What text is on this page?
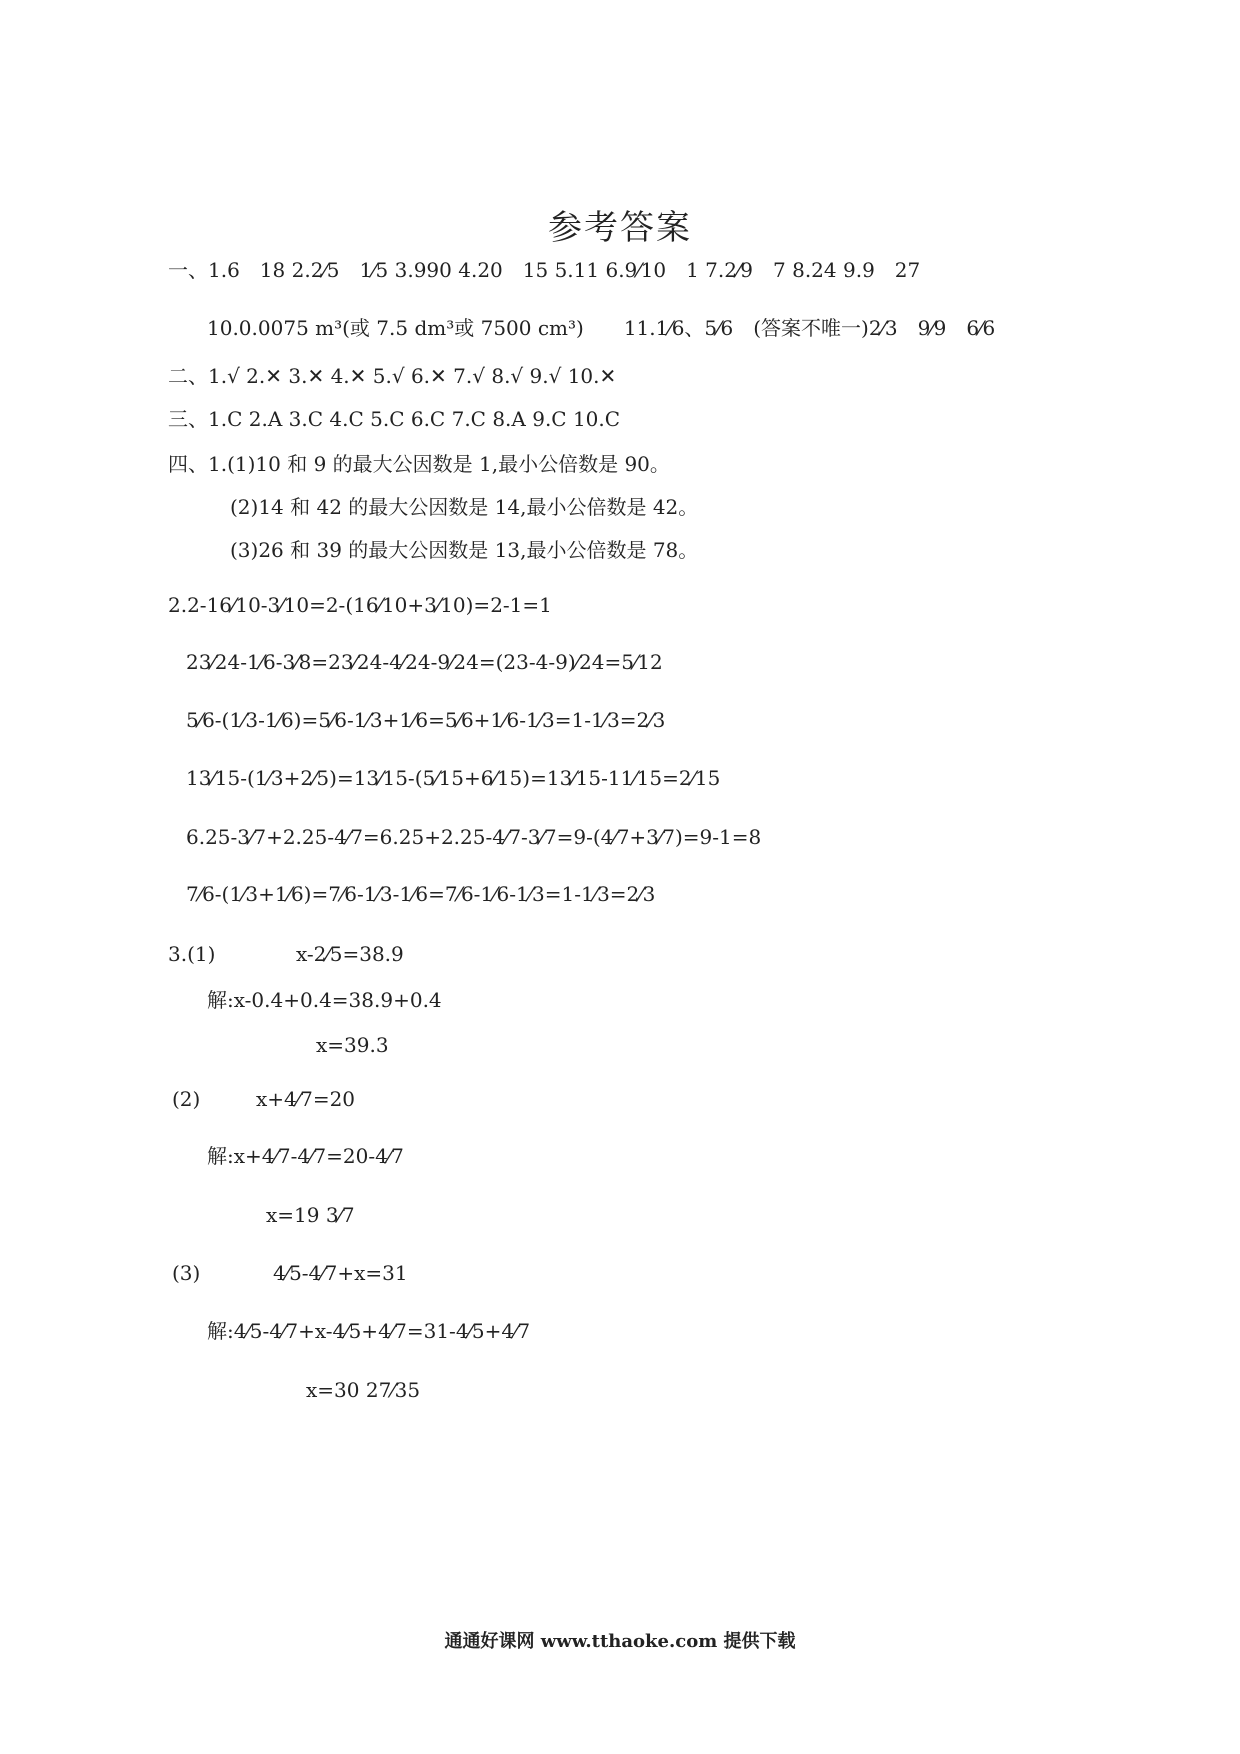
参考答案
一、1.6　18 2.2⁄5　1⁄5 3.990 4.20　15 5.11 6.9⁄10　1 7.2⁄9　7 8.24 9.9　27
10.0.0075 m³(或 7.5 dm³或 7500 cm³)　　11.1⁄6、5⁄6　(答案不唯一)2⁄3　9⁄9　6⁄6
二、1.√ 2.✕ 3.✕ 4.✕ 5.√ 6.✕ 7.√ 8.√ 9.√ 10.✕
三、1.C 2.A 3.C 4.C 5.C 6.C 7.C 8.A 9.C 10.C
四、1.(1)10 和 9 的最大公因数是 1,最小公倍数是 90。
(2)14 和 42 的最大公因数是 14,最小公倍数是 42。
(3)26 和 39 的最大公因数是 13,最小公倍数是 78。
2.2-16⁄10-3⁄10=2-(16⁄10+3⁄10)=2-1=1
23⁄24-1⁄6-3⁄8=23⁄24-4⁄24-9⁄24=(23-4-9)⁄24=5⁄12
5⁄6-(1⁄3-1⁄6)=5⁄6-1⁄3+1⁄6=5⁄6+1⁄6-1⁄3=1-1⁄3=2⁄3
13⁄15-(1⁄3+2⁄5)=13⁄15-(5⁄15+6⁄15)=13⁄15-11⁄15=2⁄15
6.25-3⁄7+2.25-4⁄7=6.25+2.25-4⁄7-3⁄7=9-(4⁄7+3⁄7)=9-1=8
7⁄6-(1⁄3+1⁄6)=7⁄6-1⁄3-1⁄6=7⁄6-1⁄6-1⁄3=1-1⁄3=2⁄3
3.(1)	x-2⁄5=38.9
解:x-0.4+0.4=38.9+0.4
x=39.3
(2)	x+4⁄7=20
解:x+4⁄7-4⁄7=20-4⁄7
x=19 3⁄7
(3)	4⁄5-4⁄7+x=31
解:4⁄5-4⁄7+x-4⁄5+4⁄7=31-4⁄5+4⁄7
x=30 27⁄35
通通好课网 www.tthaoke.com 提供下载
